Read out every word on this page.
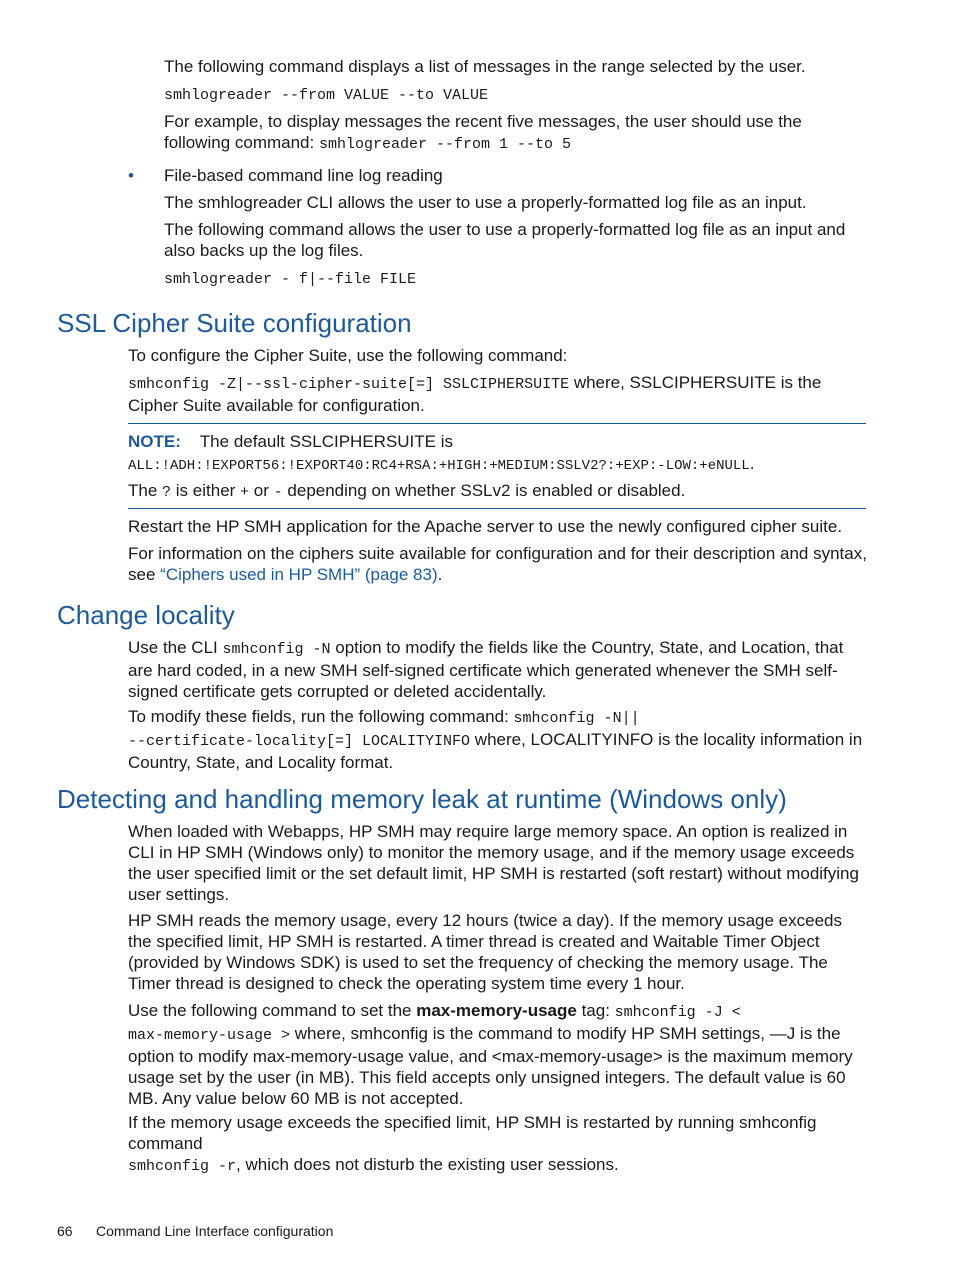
The following command displays a list of messages in the range selected by the user.

smhlogreader --from VALUE --to VALUE

For example, to display messages the recent five messages, the user should use the following command: smhlogreader --from 1 --to 5

• File-based command line log reading

The smhlogreader CLI allows the user to use a properly-formatted log file as an input.

The following command allows the user to use a properly-formatted log file as an input and also backs up the log files.

smhlogreader - f|--file FILE

SSL Cipher Suite configuration

To configure the Cipher Suite, use the following command:

smhconfig -Z|--ssl-cipher-suite[=] SSLCIPHERSUITE where, SSLCIPHERSUITE is the Cipher Suite available for configuration.

NOTE: The default SSLCIPHERSUITE is

ALL:!ADH:!EXPORT56:!EXPORT40:RC4+RSA:+HIGH:+MEDIUM:SSLV2?:+EXP:-LOW:+eNULL.

The ? is either + or - depending on whether SSLv2 is enabled or disabled.

Restart the HP SMH application for the Apache server to use the newly configured cipher suite.

For information on the ciphers suite available for configuration and for their description and syntax, see “Ciphers used in HP SMH” (page 83).

Change locality

Use the CLI smhconfig -N option to modify the fields like the Country, State, and Location, that are hard coded, in a new SMH self-signed certificate which generated whenever the SMH self-signed certificate gets corrupted or deleted accidentally.

To modify these fields, run the following command: smhconfig -N||
--certificate-locality[=] LOCALITYINFO where, LOCALITYINFO is the locality information in Country, State, and Locality format.

Detecting and handling memory leak at runtime (Windows only)

When loaded with Webapps, HP SMH may require large memory space. An option is realized in CLI in HP SMH (Windows only) to monitor the memory usage, and if the memory usage exceeds the user specified limit or the set default limit, HP SMH is restarted (soft restart) without modifying user settings.

HP SMH reads the memory usage, every 12 hours (twice a day). If the memory usage exceeds the specified limit, HP SMH is restarted. A timer thread is created and Waitable Timer Object (provided by Windows SDK) is used to set the frequency of checking the memory usage. The Timer thread is designed to check the operating system time every 1 hour.

Use the following command to set the max-memory-usage tag: smhconfig -J <
max-memory-usage > where, smhconfig is the command to modify HP SMH settings, —J is the option to modify max-memory-usage value, and <max-memory-usage> is the maximum memory usage set by the user (in MB). This field accepts only unsigned integers. The default value is 60 MB. Any value below 60 MB is not accepted.

If the memory usage exceeds the specified limit, HP SMH is restarted by running smhconfig command
smhconfig -r, which does not disturb the existing user sessions.

66 Command Line Interface configuration
